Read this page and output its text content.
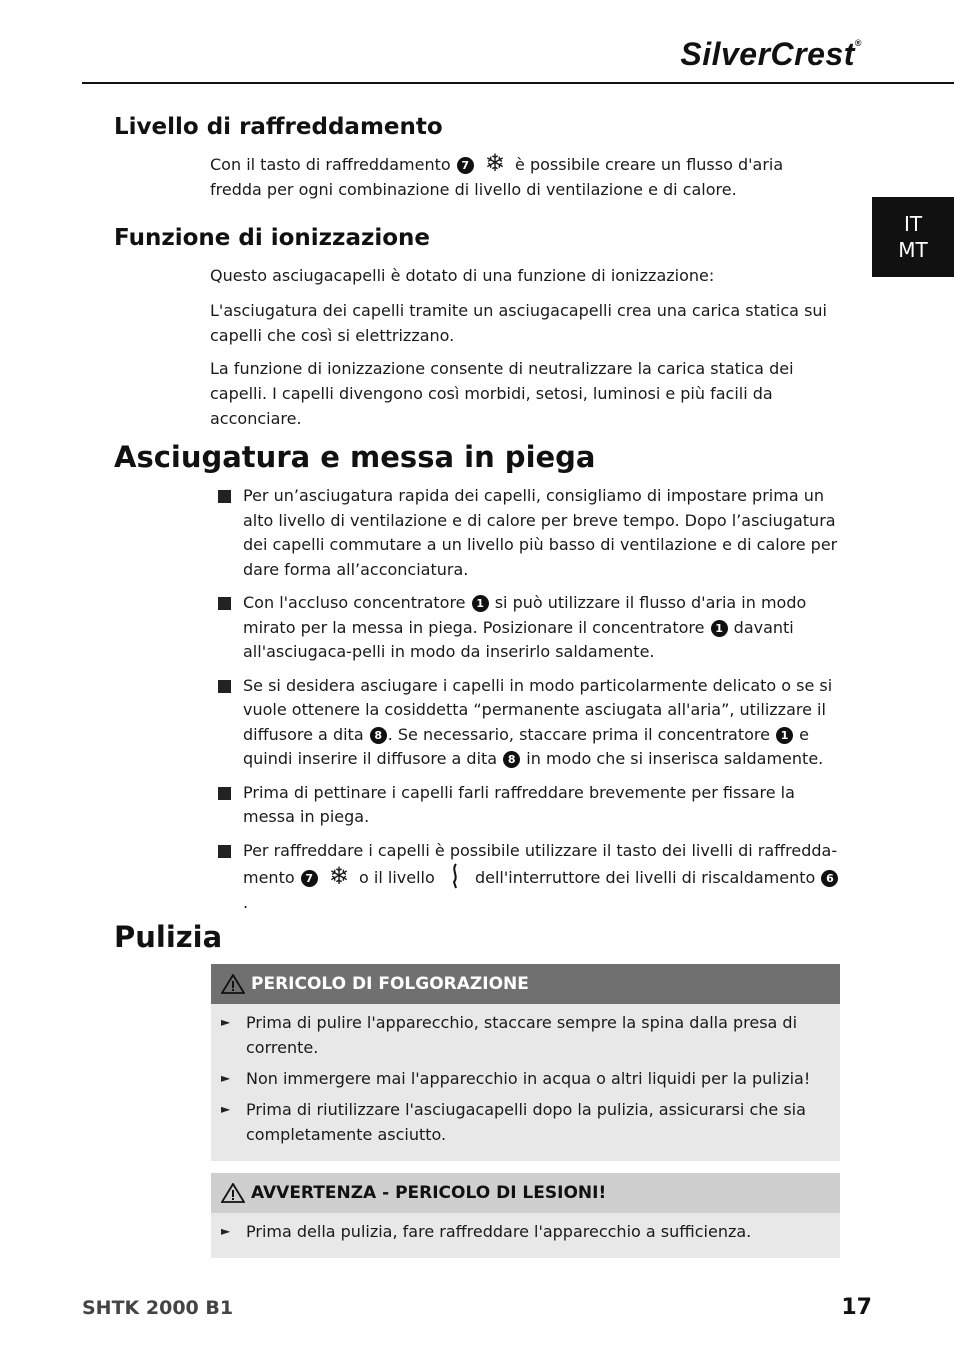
SilverCrest®
IT
MT
Livello di raffreddamento

Con il tasto di raffreddamento 7 ❄ è possibile creare un flusso d'aria fredda per ogni combinazione di livello di ventilazione e di calore.

Funzione di ionizzazione

Questo asciugacapelli è dotato di una funzione di ionizzazione:

L'asciugatura dei capelli tramite un asciugacapelli crea una carica statica sui capelli che così si elettrizzano.

La funzione di ionizzazione consente di neutralizzare la carica statica dei capelli. I capelli divengono così morbidi, setosi, luminosi e più facili da acconciare.

Asciugatura e messa in piega
Per un’asciugatura rapida dei capelli, consigliamo di impostare prima un alto livello di ventilazione e di calore per breve tempo. Dopo l’asciugatura dei capelli commutare a un livello più basso di ventilazione e di calore per dare forma all’acconciatura.
Con l'accluso concentratore 1 si può utilizzare il flusso d'aria in modo mirato per la messa in piega. Posizionare il concentratore 1 davanti all'asciugaca-pelli in modo da inserirlo saldamente.
Se si desidera asciugare i capelli in modo particolarmente delicato o se si vuole ottenere la cosiddetta “permanente asciugata all'aria”, utilizzare il diffusore a dita 8 . Se necessario, staccare prima il concentratore 1 e quindi inserire il diffusore a dita 8 in modo che si inserisca saldamente.
Prima di pettinare i capelli farli raffreddare brevemente per fissare la messa in piega.
Per raffreddare i capelli è possibile utilizzare il tasto dei livelli di raffredda-mento 7 ❄ o il livello	dell'interruttore dei livelli di riscaldamento 6.
Pulizia
PERICOLO DI FOLGORAZIONE
► Prima di pulire l'apparecchio, staccare sempre la spina dalla presa di corrente.
► Non immergere mai l'apparecchio in acqua o altri liquidi per la pulizia!
► Prima di riutilizzare l'asciugacapelli dopo la pulizia, assicurarsi che sia completamente asciutto.
AVVERTENZA - PERICOLO DI LESIONI!
► Prima della pulizia, fare raffreddare l'apparecchio a sufficienza.
SHTK 2000 B1	17
